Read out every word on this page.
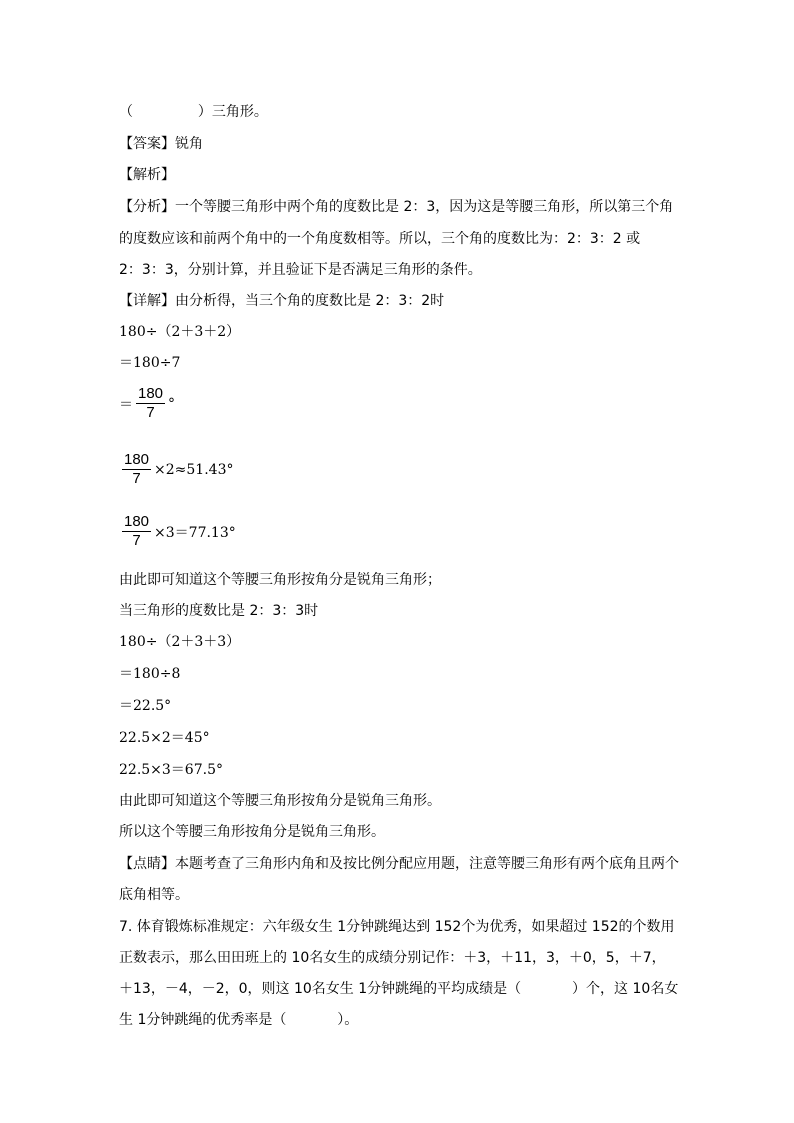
（ 　　　　 ）三角形。
【答案】锐角
【解析】
【分析】一个等腰三角形中两个角的度数比是 2：3，因为这是等腰三角形，所以第三个角
的度数应该和前两个角中的一个角度数相等。所以，三个角的度数比为：2：3：2 或
2：3：3，分别计算，并且验证下是否满足三角形的条件。
【详解】由分析得，当三个角的度数比是 2：3：2时
180÷（2＋3＋2）
＝180÷7
＝ $\frac{180}{7}$ °
$\frac{180}{7} \times 2\approx 51.43^\circ$
$\frac{180}{7} \times 3=77.13^\circ$
由此即可知道这个等腰三角形按角分是锐角三角形；
当三角形的度数比是 2：3：3时
180÷（2＋3＋3）
＝180÷8
＝22.5°
22.5×2＝45°
22.5×3＝67.5°
由此即可知道这个等腰三角形按角分是锐角三角形。
所以这个等腰三角形按角分是锐角三角形。
【点睛】本题考查了三角形内角和及按比例分配应用题，注意等腰三角形有两个底角且两个
底角相等。
7. 体育锻炼标准规定：六年级女生 1分钟跳绳达到 152个为优秀，如果超过 152的个数用
正数表示，那么田田班上的 10名女生的成绩分别记作：＋3，＋11，3，＋0，5，＋7，
＋13，－4，－2，0，则这 10名女生 1分钟跳绳的平均成绩是（ 　　　 ）个，这 10名女
生 1分钟跳绳的优秀率是（ 　　　 ）。
